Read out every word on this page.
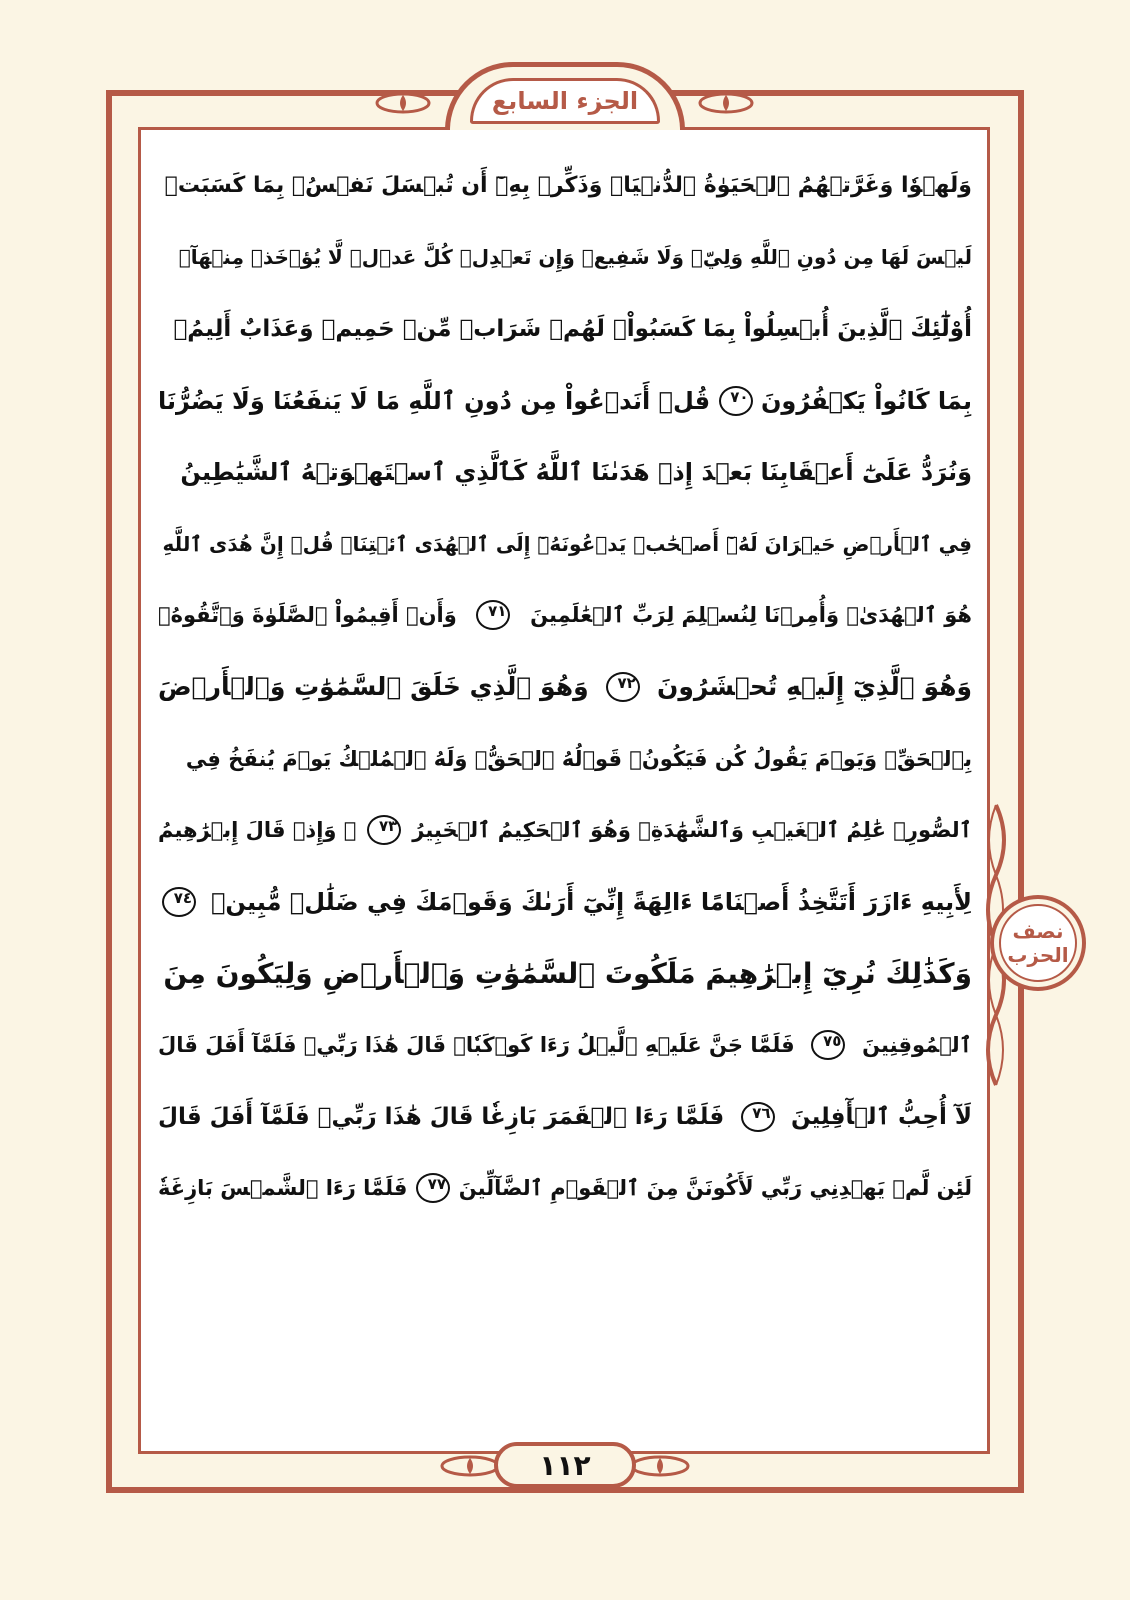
الجزء السابع
نصف
الحزب
وَلَهۡوٗا وَغَرَّتۡهُمُ ٱلۡحَيَوٰةُ ٱلدُّنۡيَاۚ وَذَكِّرۡ بِهِۦٓ أَن تُبۡسَلَ نَفۡسُۢ بِمَا كَسَبَتۡ
لَيۡسَ لَهَا مِن دُونِ ٱللَّهِ وَلِيّٞ وَلَا شَفِيعٞ وَإِن تَعۡدِلۡ كُلَّ عَدۡلٖ لَّا يُؤۡخَذۡ مِنۡهَآۗ
أُوْلَٰٓئِكَ ٱلَّذِينَ أُبۡسِلُواْ بِمَا كَسَبُواْۖ لَهُمۡ شَرَابٞ مِّنۡ حَمِيمٖ وَعَذَابٌ أَلِيمُۢ
بِمَا كَانُواْ يَكۡفُرُونَ
٧٠
قُلۡ أَنَدۡعُواْ مِن دُونِ ٱللَّهِ مَا لَا يَنفَعُنَا وَلَا يَضُرُّنَا
وَنُرَدُّ عَلَىٰٓ أَعۡقَابِنَا بَعۡدَ إِذۡ هَدَىٰنَا ٱللَّهُ كَٱلَّذِي ٱسۡتَهۡوَتۡهُ ٱلشَّيَٰطِينُ
فِي ٱلۡأَرۡضِ حَيۡرَانَ لَهُۥٓ أَصۡحَٰبٞ يَدۡعُونَهُۥٓ إِلَى ٱلۡهُدَى ٱئۡتِنَاۗ قُلۡ إِنَّ هُدَى ٱللَّهِ
هُوَ ٱلۡهُدَىٰۖ وَأُمِرۡنَا لِنُسۡلِمَ لِرَبِّ ٱلۡعَٰلَمِينَ
٧١
وَأَنۡ أَقِيمُواْ ٱلصَّلَوٰةَ وَٱتَّقُوهُۚ
وَهُوَ ٱلَّذِيٓ إِلَيۡهِ تُحۡشَرُونَ
٧٢
وَهُوَ ٱلَّذِي خَلَقَ ٱلسَّمَٰوَٰتِ وَٱلۡأَرۡضَ
بِٱلۡحَقِّۖ وَيَوۡمَ يَقُولُ كُن فَيَكُونُۚ قَوۡلُهُ ٱلۡحَقُّۚ وَلَهُ ٱلۡمُلۡكُ يَوۡمَ يُنفَخُ فِي
ٱلصُّورِۚ عَٰلِمُ ٱلۡغَيۡبِ وَٱلشَّهَٰدَةِۚ وَهُوَ ٱلۡحَكِيمُ ٱلۡخَبِيرُ
٧٣
۞ وَإِذۡ قَالَ إِبۡرَٰهِيمُ
لِأَبِيهِ ءَازَرَ أَتَتَّخِذُ أَصۡنَامًا ءَالِهَةً إِنِّيٓ أَرَىٰكَ وَقَوۡمَكَ فِي ضَلَٰلٖ مُّبِينٖ
٧٤
وَكَذَٰلِكَ نُرِيٓ إِبۡرَٰهِيمَ مَلَكُوتَ ٱلسَّمَٰوَٰتِ وَٱلۡأَرۡضِ وَلِيَكُونَ مِنَ
ٱلۡمُوقِنِينَ
٧٥
فَلَمَّا جَنَّ عَلَيۡهِ ٱلَّيۡلُ رَءَا كَوۡكَبٗاۖ قَالَ هَٰذَا رَبِّيۖ فَلَمَّآ أَفَلَ قَالَ
لَآ أُحِبُّ ٱلۡأٓفِلِينَ
٧٦
فَلَمَّا رَءَا ٱلۡقَمَرَ بَازِغٗا قَالَ هَٰذَا رَبِّيۖ فَلَمَّآ أَفَلَ قَالَ
لَئِن لَّمۡ يَهۡدِنِي رَبِّي لَأَكُونَنَّ مِنَ ٱلۡقَوۡمِ ٱلضَّآلِّينَ
٧٧
فَلَمَّا رَءَا ٱلشَّمۡسَ بَازِغَةٗ
١١٢
